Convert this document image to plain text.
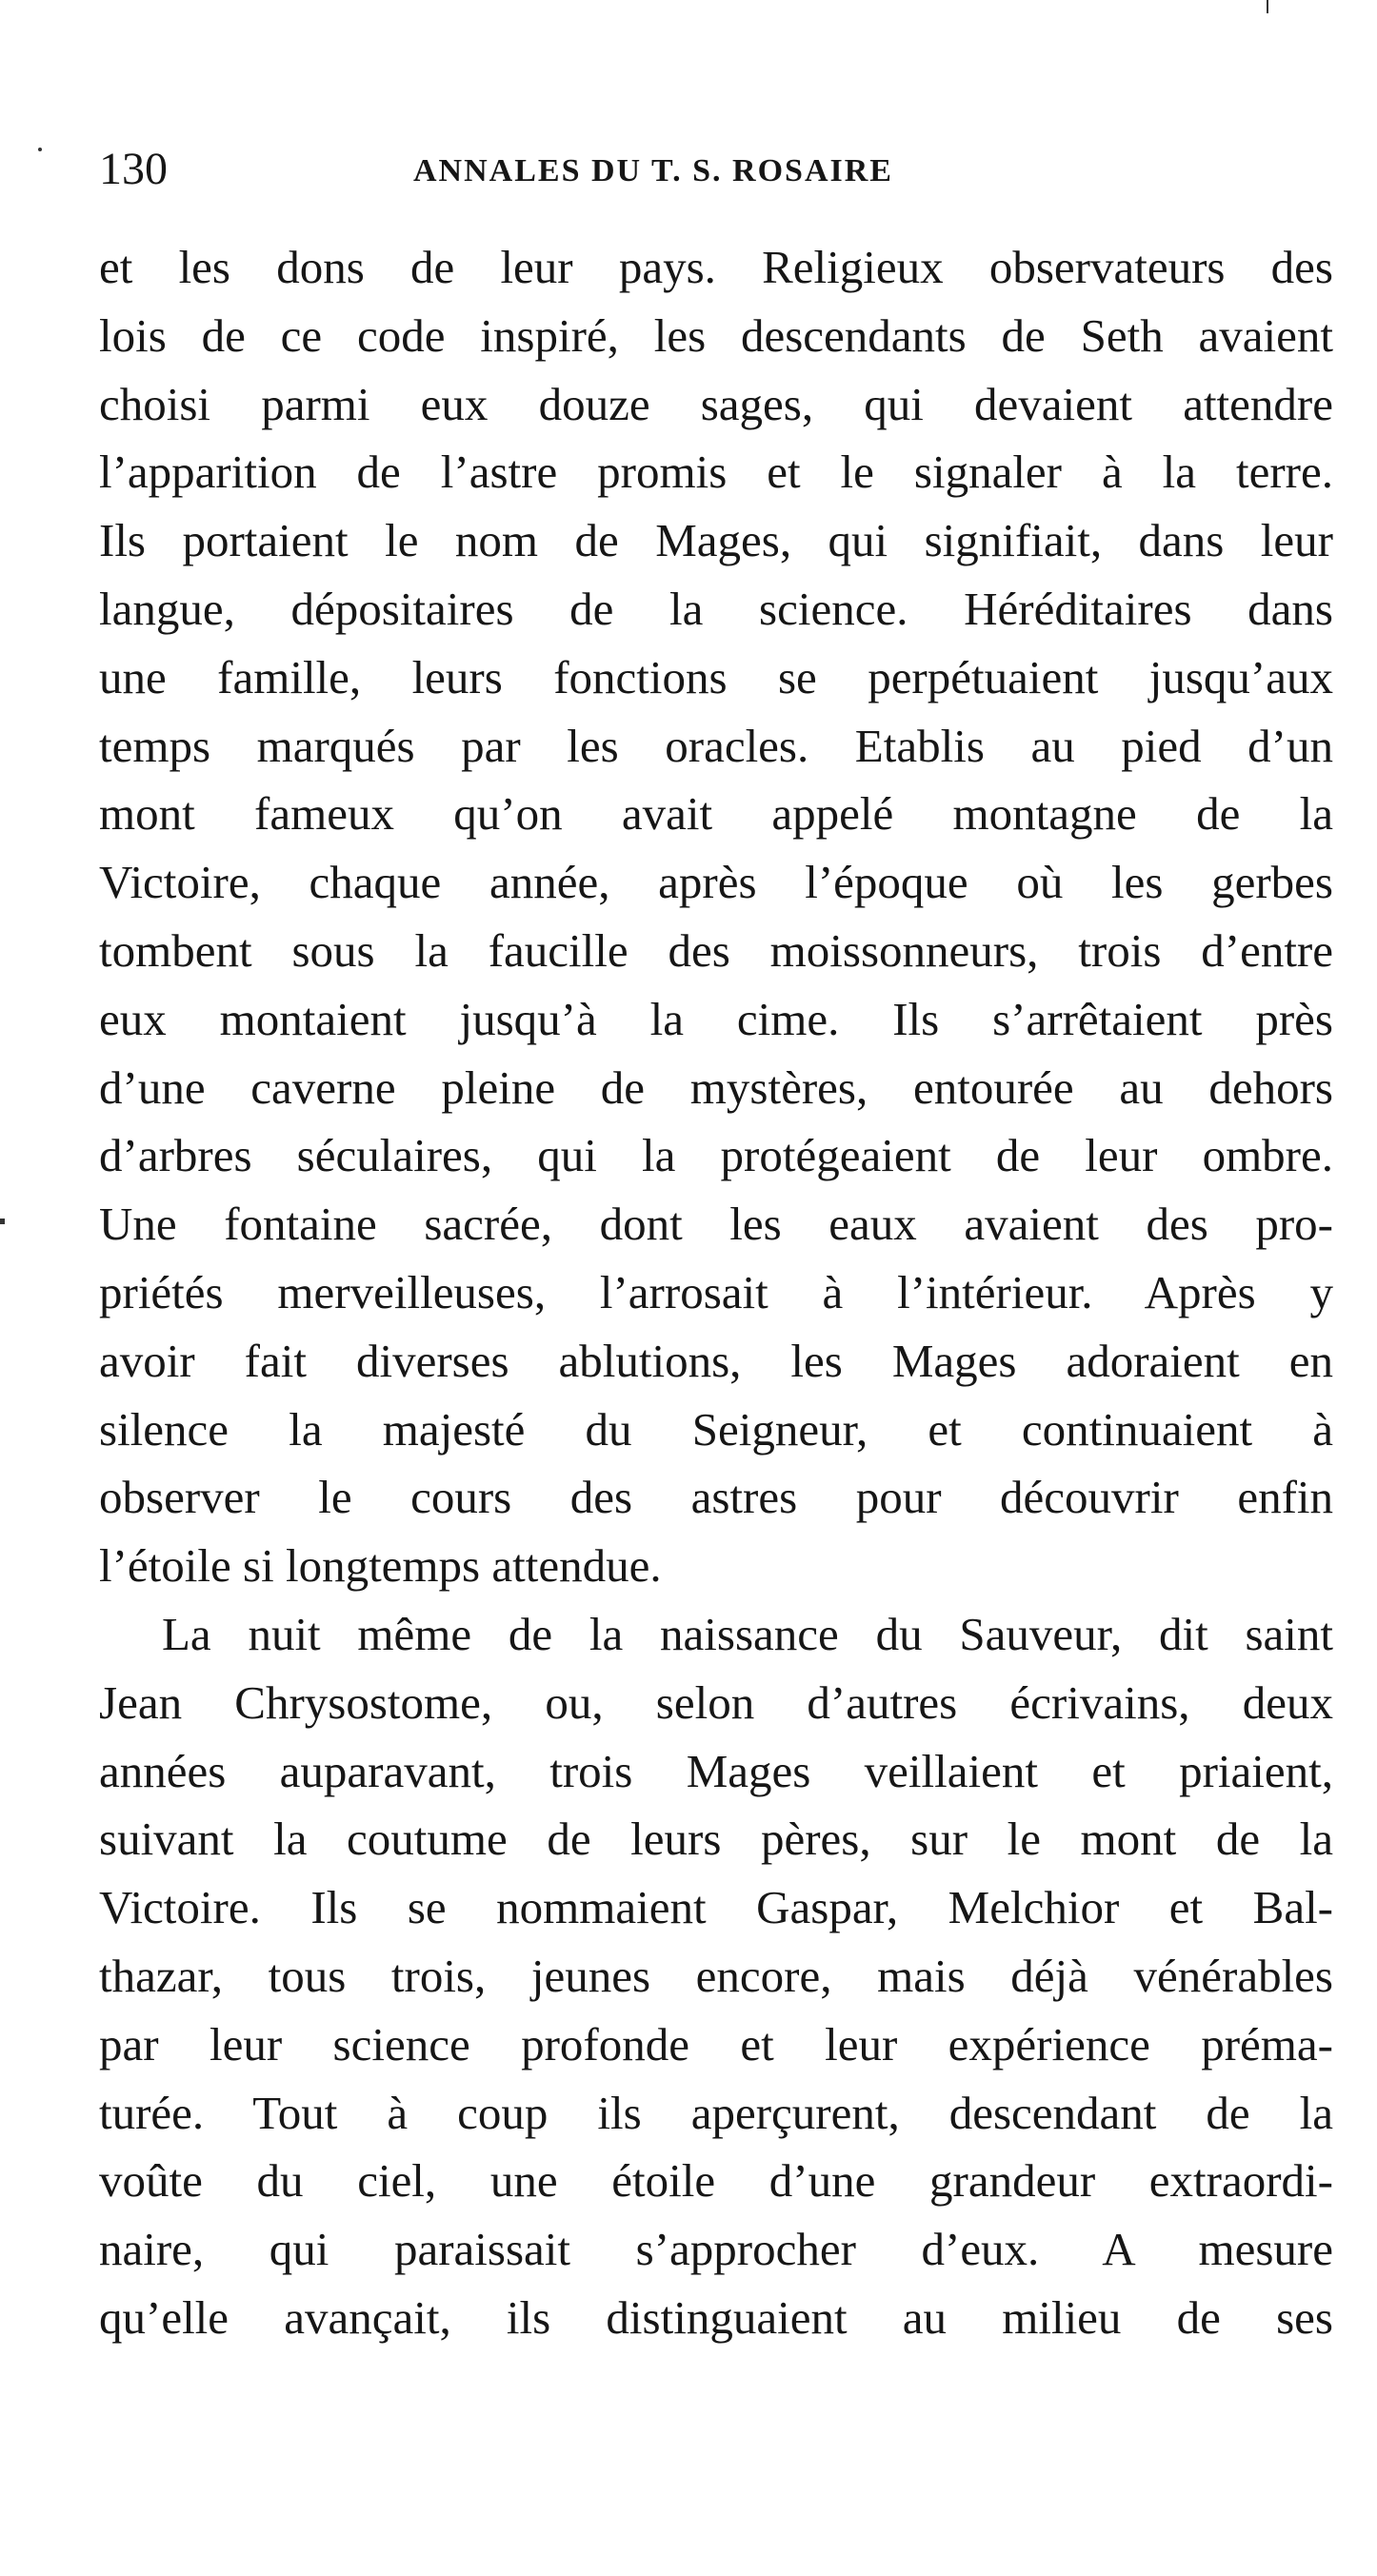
130	ANNALES DU T. S. ROSAIRE
et les dons de leur pays. Religieux observateurs des
lois de ce code inspiré, les descendants de Seth avaient
choisi parmi eux douze sages, qui devaient attendre
l’apparition de l’astre promis et le signaler à la terre.
Ils portaient le nom de Mages, qui signifiait, dans leur
langue, dépositaires de la science. Héréditaires dans
une famille, leurs fonctions se perpétuaient jusqu’aux
temps marqués par les oracles. Etablis au pied d’un
mont fameux qu’on avait appelé montagne de la
Victoire, chaque année, après l’époque où les gerbes
tombent sous la faucille des moissonneurs, trois d’entre
eux montaient jusqu’à la cime. Ils s’arrêtaient près
d’une caverne pleine de mystères, entourée au dehors
d’arbres séculaires, qui la protégeaient de leur ombre.
Une fontaine sacrée, dont les eaux avaient des pro-
priétés merveilleuses, l’arrosait à l’intérieur. Après y
avoir fait diverses ablutions, les Mages adoraient en
silence la majesté du Seigneur, et continuaient à
observer le cours des astres pour découvrir enfin
l’étoile si longtemps attendue.
La nuit même de la naissance du Sauveur, dit saint
Jean Chrysostome, ou, selon d’autres écrivains, deux
années auparavant, trois Mages veillaient et priaient,
suivant la coutume de leurs pères, sur le mont de la
Victoire. Ils se nommaient Gaspar, Melchior et Bal-
thazar, tous trois, jeunes encore, mais déjà vénérables
par leur science profonde et leur expérience préma-
turée. Tout à coup ils aperçurent, descendant de la
voûte du ciel, une étoile d’une grandeur extraordi-
naire, qui paraissait s’approcher d’eux. A mesure
qu’elle avançait, ils distinguaient au milieu de ses
